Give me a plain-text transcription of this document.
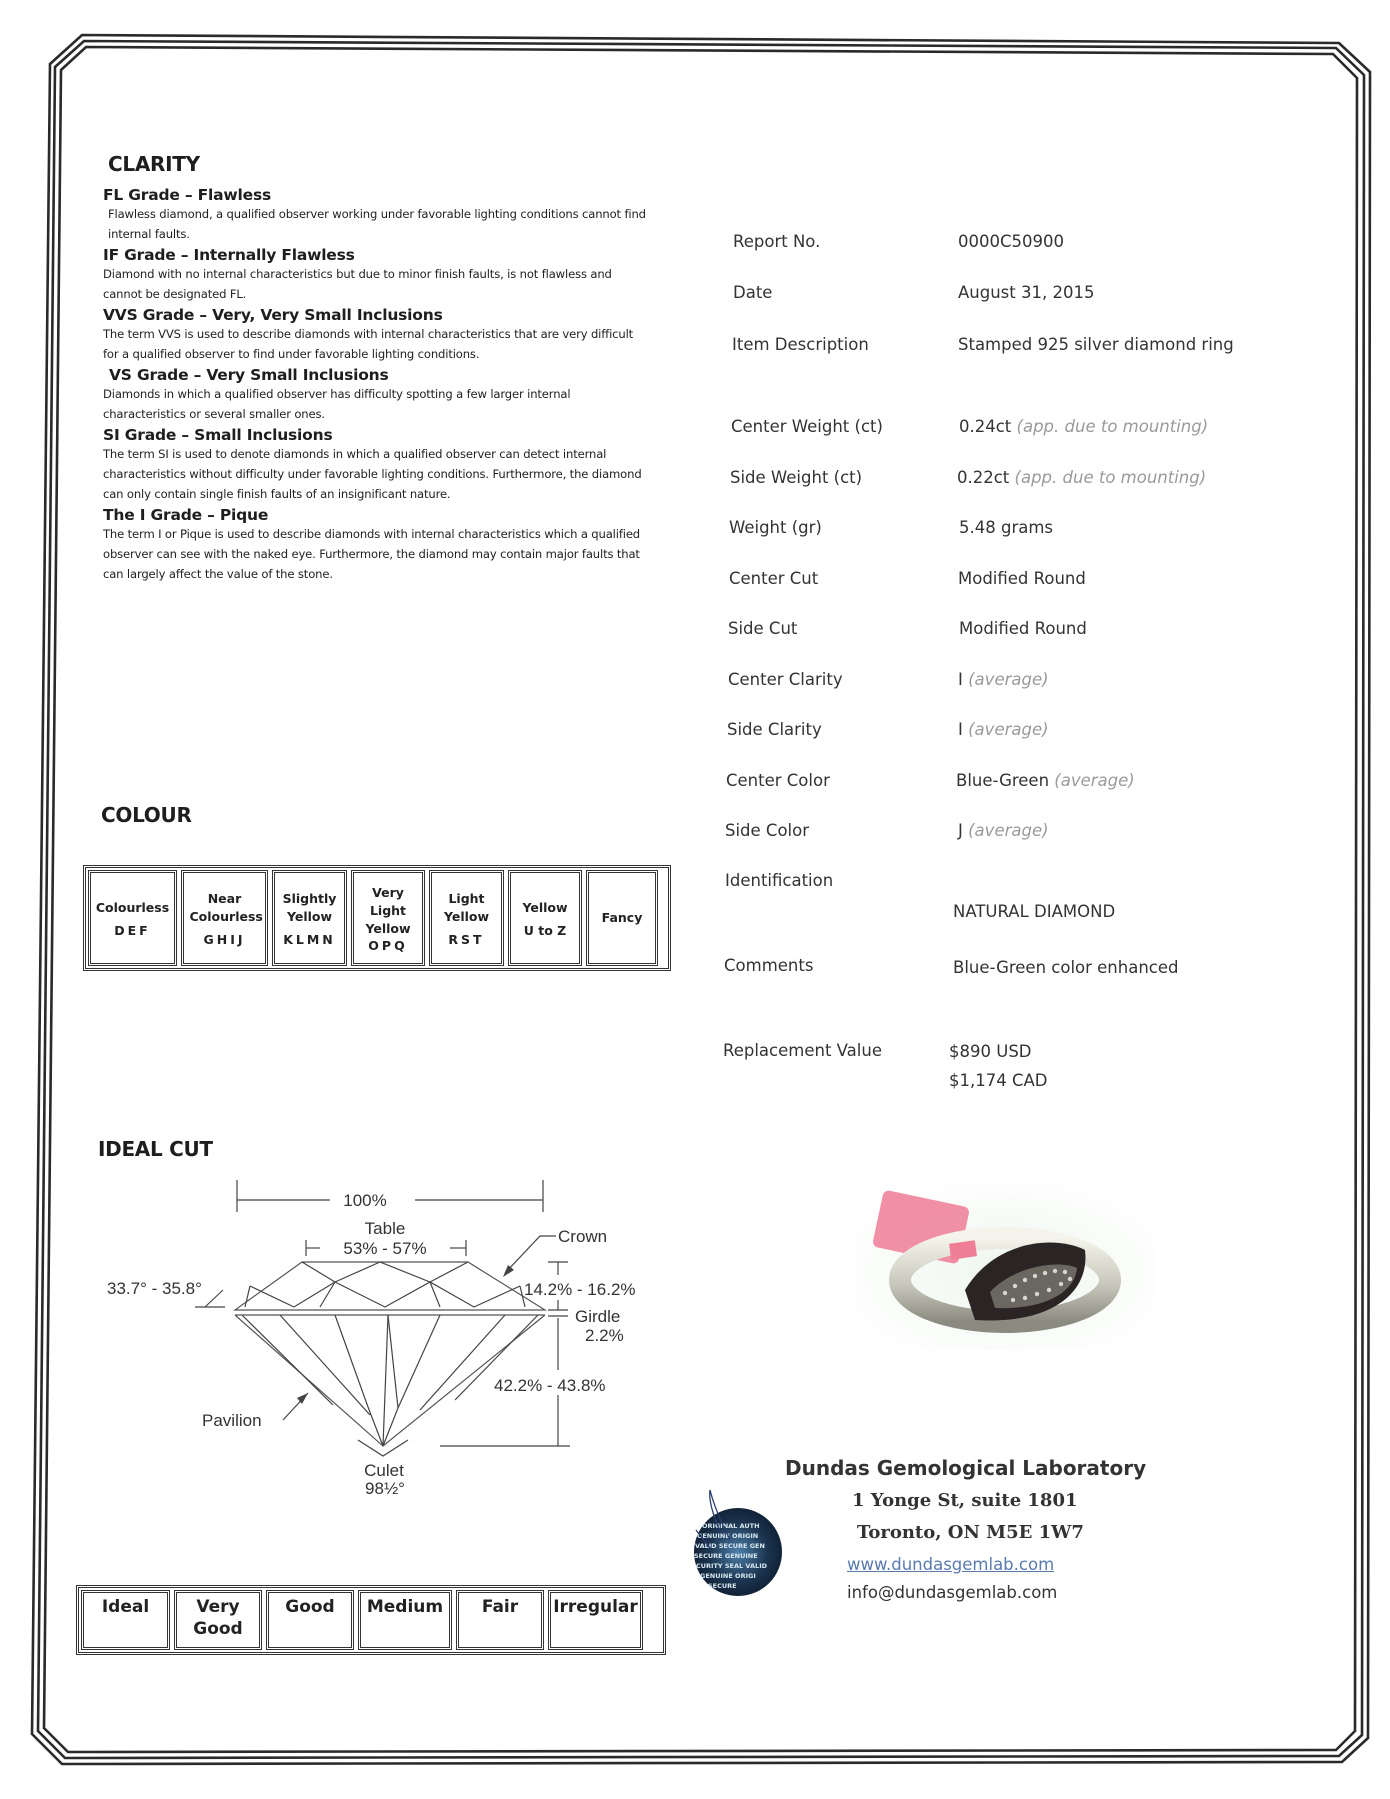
CLARITY

FL Grade – Flawless

Flawless diamond, a qualified observer working under favorable lighting conditions cannot find internal faults.

IF Grade – Internally Flawless

Diamond with no internal characteristics but due to minor finish faults, is not flawless and cannot be designated FL.

VVS Grade – Very, Very Small Inclusions

The term VVS is used to describe diamonds with internal characteristics that are very difficult for a qualified observer to find under favorable lighting conditions.

VS Grade – Very Small Inclusions

Diamonds in which a qualified observer has difficulty spotting a few larger internal characteristics or several smaller ones.

SI Grade – Small Inclusions

The term SI is used to denote diamonds in which a qualified observer can detect internal characteristics without difficulty under favorable lighting conditions. Furthermore, the diamond can only contain single finish faults of an insignificant nature.

The I Grade – Pique

The term I or Pique is used to describe diamonds with internal characteristics which a qualified observer can see with the naked eye. Furthermore, the diamond may contain major faults that can largely affect the value of the stone.

COLOUR
Colourless
DEF
Near Colourless
GHIJ
Slightly Yellow
KLMN
Very Light Yellow
OPQ
Light Yellow
RST
Yellow
U to Z
Fancy
IDEAL CUT
100%
Table
53% - 57%
Crown
33.7° - 35.8°	14.2% - 16.2%
Girdle
2.2%
42.2% - 43.8%
Pavilion
Culet
98½°
Ideal	Very Good
Good	Medium	Fair	Irregular
Report No.	0000C50900
Date	August 31, 2015
Item Description	Stamped 925 silver diamond ring
Center Weight (ct)	0.24ct (app. due to mounting)
Side Weight (ct)	0.22ct (app. due to mounting)
Weight (gr)	5.48 grams
Center Cut	Modified Round
Side Cut	Modified Round
Center Clarity	I (average)
Side Clarity	I (average)
Center Color	Blue-Green (average)
Side Color	J (average)
Identification
NATURAL DIAMOND
Comments	Blue-Green color enhanced
Replacement Value	$890 USD
$1,174 CAD
ORIGINAL AUTH
GENUINE ORIGIN
VALID SECURE GEN
SECURE GENUINE
CURITY SEAL VALID
GENUINE ORIGI
SECURE
Dundas Gemological Laboratory
1 Yonge St, suite 1801
Toronto, ON M5E 1W7
www.dundasgemlab.com
info@dundasgemlab.com
